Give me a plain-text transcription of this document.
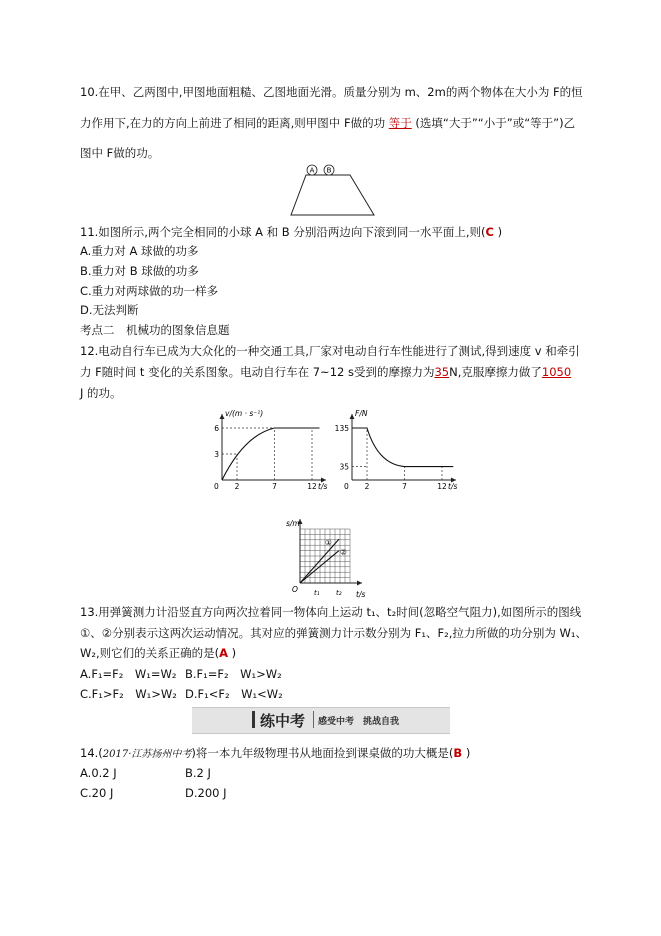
10.在甲、乙两图中,甲图地面粗糙、乙图地面光滑。质量分别为 m、2m的两个物体在大小为 F的恒
力作用下,在力的方向上前进了相同的距离,则甲图中 F做的功 等于 (选填“大于”“小于”或“等于”)乙
图中 F做的功。
A B
11.如图所示,两个完全相同的小球 A 和 B 分别沿两边向下滚到同一水平面上,则(C )
A.重力对 A 球做的功多
B.重力对 B 球做的功多
C.重力对两球做的功一样多
D.无法判断
考点二　机械功的图象信息题
12.电动自行车已成为大众化的一种交通工具,厂家对电动自行车性能进行了测试,得到速度 v 和牵引
力 F随时间 t 变化的关系图象。电动自行车在 7~12 s受到的摩擦力为35N,克服摩擦力做了1050
J 的功。
v/(m · s⁻¹)
t/s
0 2	7	12
3
6
F/N
t/s
0 2	7	12
35
135
s/m
t/s
O t₁ t₂
①
②
13.用弹簧测力计沿竖直方向两次拉着同一物体向上运动 t₁、t₂时间(忽略空气阻力),如图所示的图线
①、②分别表示这两次运动情况。其对应的弹簧测力计示数分别为 F₁、F₂,拉力所做的功分别为 W₁、
W₂,则它们的关系正确的是(A )
A.F₁=F₂　W₁=W₂ B.F₁=F₂　W₁>W₂
C.F₁>F₂　W₁>W₂ D.F₁<F₂　W₁<W₂
练中考 感受中考　挑战自我
14.(2017·江苏扬州中考)将一本九年级物理书从地面捡到课桌做的功大概是(B )
A.0.2 J	B.2 J
C.20 J	D.200 J
